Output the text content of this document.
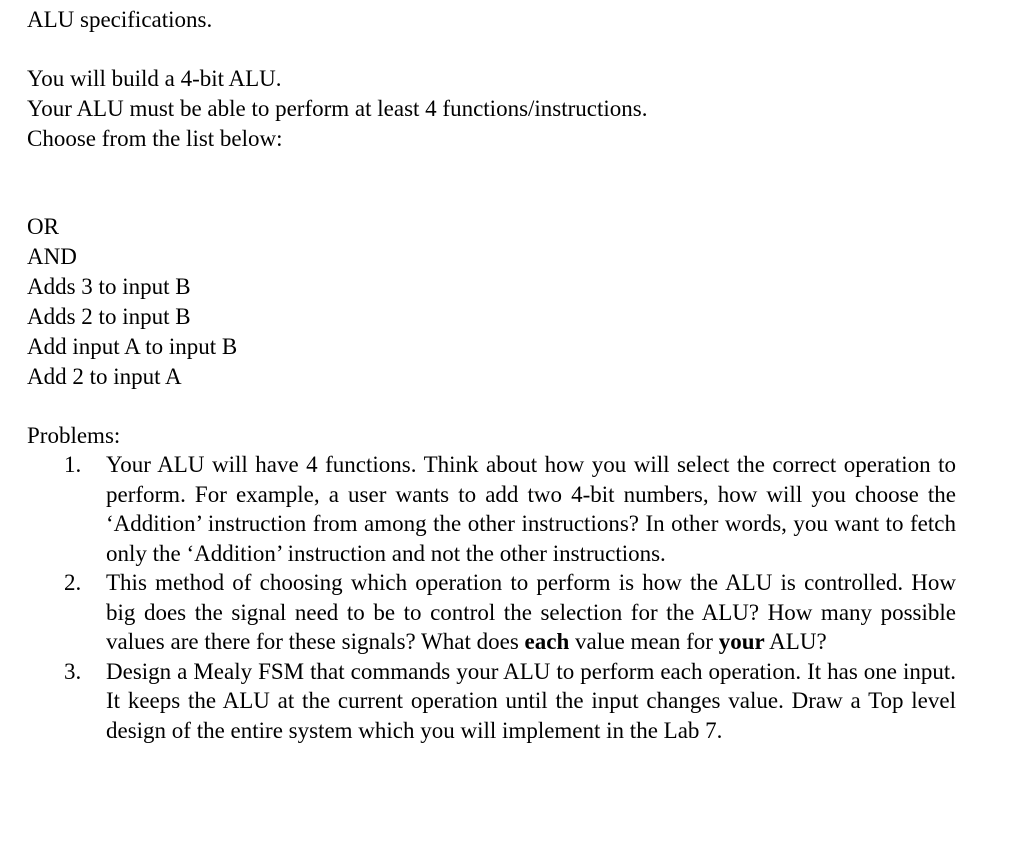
ALU specifications.
You will build a 4-bit ALU.
Your ALU must be able to perform at least 4 functions/instructions.
Choose from the list below:
OR
AND
Adds 3 to input B
Adds 2 to input B
Add input A to input B
Add 2 to input A
Problems:
1. Your ALU will have 4 functions. Think about how you will select the correct operation to perform. For example, a user wants to add two 4-bit numbers, how will you choose the ‘Addition’ instruction from among the other instructions? In other words, you want to fetch only the ‘Addition’ instruction and not the other instructions.

2. This method of choosing which operation to perform is how the ALU is controlled. How big does the signal need to be to control the selection for the ALU? How many possible values are there for these signals? What does each value mean for your ALU?

3. Design a Mealy FSM that commands your ALU to perform each operation. It has one input. It keeps the ALU at the current operation until the input changes value. Draw a Top level design of the entire system which you will implement in the Lab 7.
